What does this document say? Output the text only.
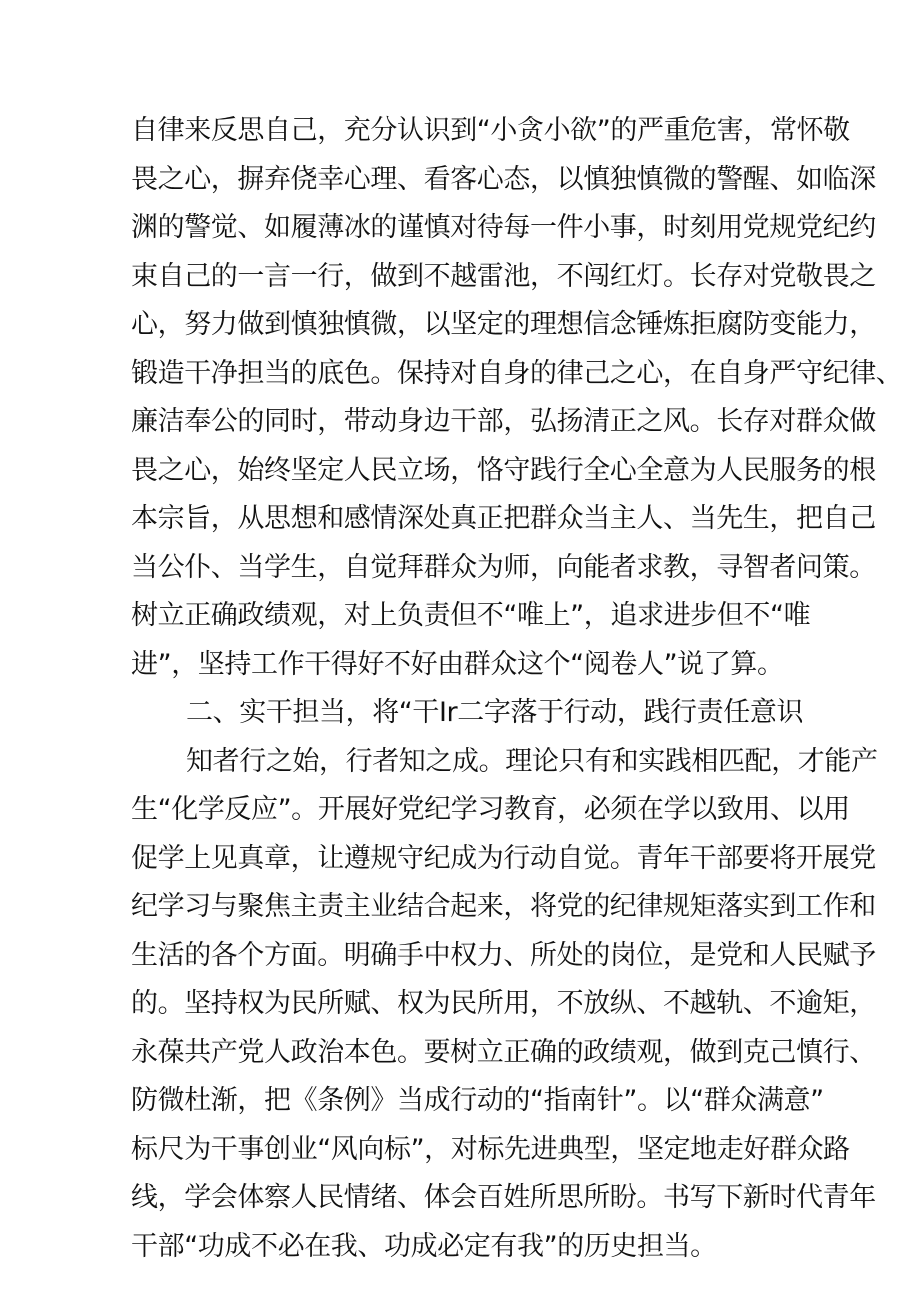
自律来反思自己，充分认识到“小贪小欲”的严重危害，常怀敬
畏之心，摒弃侥幸心理、看客心态，以慎独慎微的警醒、如临深
渊的警觉、如履薄冰的谨慎对待每一件小事，时刻用党规党纪约
束自己的一言一行，做到不越雷池，不闯红灯。长存对党敬畏之
心，努力做到慎独慎微，以坚定的理想信念锤炼拒腐防变能力，
锻造干净担当的底色。保持对自身的律己之心，在自身严守纪律、
廉洁奉公的同时，带动身边干部，弘扬清正之风。长存对群众做
畏之心，始终坚定人民立场，恪守践行全心全意为人民服务的根
本宗旨，从思想和感情深处真正把群众当主人、当先生，把自己
当公仆、当学生，自觉拜群众为师，向能者求教，寻智者问策。
树立正确政绩观，对上负责但不“唯上”，追求进步但不“唯
进”，坚持工作干得好不好由群众这个“阅卷人”说了算。
二、实干担当，将“干Ir二字落于行动，践行责任意识
知者行之始，行者知之成。理论只有和实践相匹配，才能产
生“化学反应”。开展好党纪学习教育，必须在学以致用、以用
促学上见真章，让遵规守纪成为行动自觉。青年干部要将开展党
纪学习与聚焦主责主业结合起来，将党的纪律规矩落实到工作和
生活的各个方面。明确手中权力、所处的岗位，是党和人民赋予
的。坚持权为民所赋、权为民所用，不放纵、不越轨、不逾矩，
永葆共产党人政治本色。要树立正确的政绩观，做到克己慎行、
防微杜渐，把《条例》当成行动的“指南针”。以“群众满意”
标尺为干事创业“风向标”，对标先进典型，坚定地走好群众路
线，学会体察人民情绪、体会百姓所思所盼。书写下新时代青年
干部“功成不必在我、功成必定有我”的历史担当。
